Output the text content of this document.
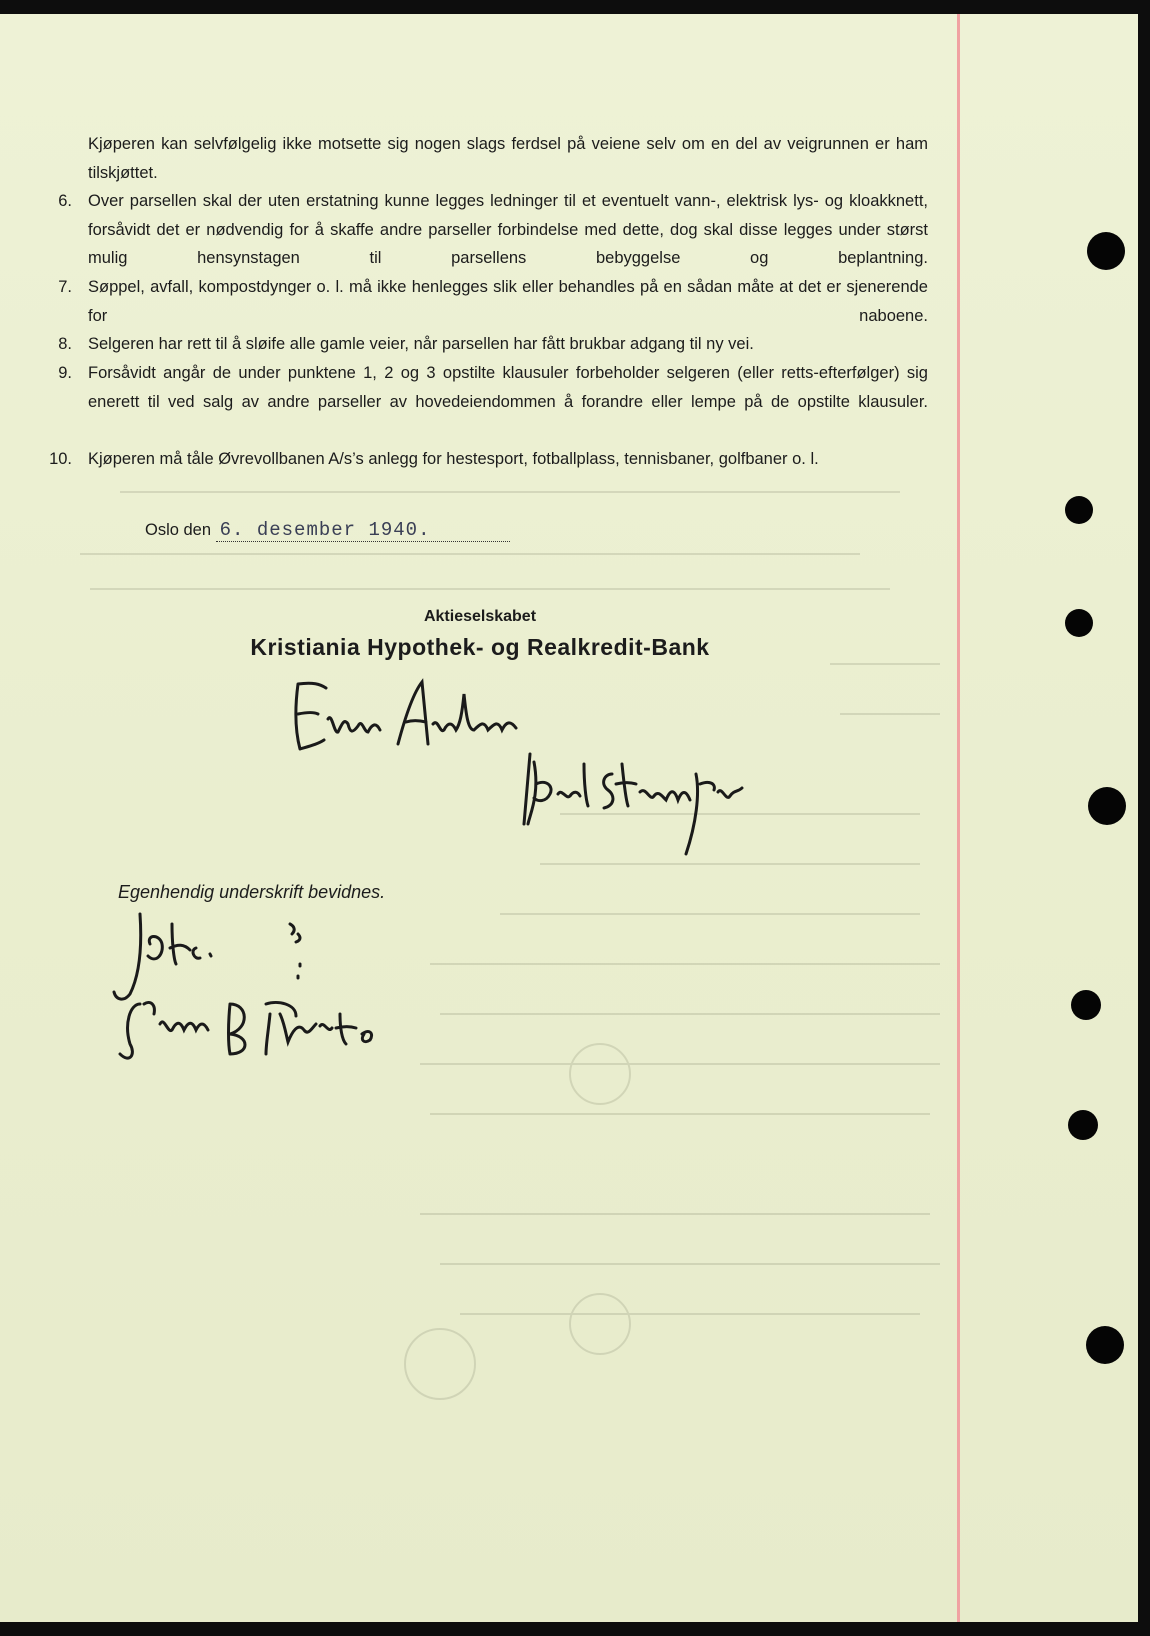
Kjøperen kan selvfølgelig ikke motsette sig nogen slags ferdsel på veiene selv om en del av veigrunnen er ham tilskjøttet.
6. Over parsellen skal der uten erstatning kunne legges ledninger til et eventuelt vann-, elektrisk lys- og kloakknett, forsåvidt det er nødvendig for å skaffe andre parseller forbindelse med dette, dog skal disse legges under størst mulig hensynstagen til parsellens bebyggelse og beplantning.
7. Søppel, avfall, kompostdynger o. l. må ikke henlegges slik eller behandles på en sådan måte at det er sjenerende for naboene.
8. Selgeren har rett til å sløife alle gamle veier, når parsellen har fått brukbar adgang til ny vei.
9. Forsåvidt angår de under punktene 1, 2 og 3 opstilte klausuler forbeholder selgeren (eller retts-efterfølger) sig enerett til ved salg av andre parseller av hovedeiendommen å forandre eller lempe på de opstilte klausuler.
10. Kjøperen må tåle Øvrevollbanen A/s’s anlegg for hestesport, fotballplass, tennisbaner, golfbaner o. l.
Oslo den 6. desember 1940.
Aktieselskabet
Kristiania Hypothek- og Realkredit-Bank
Egenhendig underskrift bevidnes.
